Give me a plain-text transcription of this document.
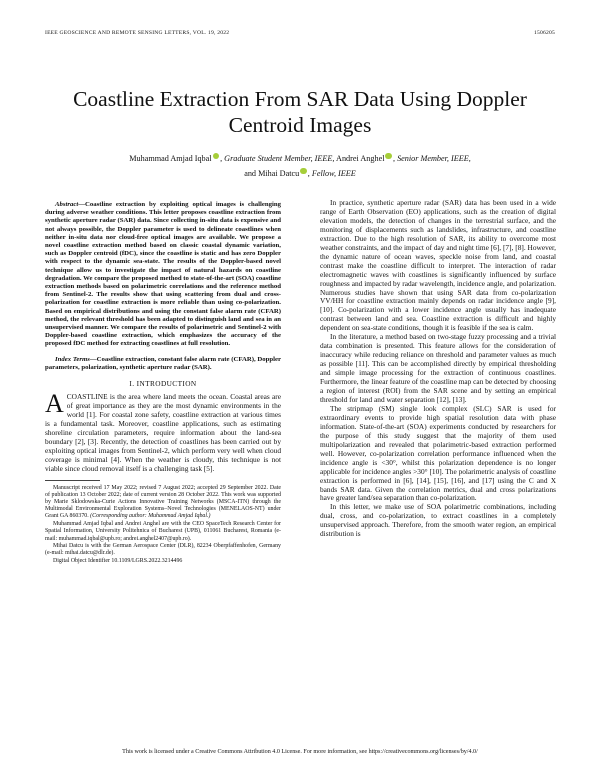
IEEE GEOSCIENCE AND REMOTE SENSING LETTERS, VOL. 19, 2022	1506205
Coastline Extraction From SAR Data Using Doppler Centroid Images
Muhammad Amjad Iqbal , Graduate Student Member, IEEE, Andrei Anghel , Senior Member, IEEE,
and Mihai Datcu , Fellow, IEEE

Abstract—Coastline extraction by exploiting optical images is challenging during adverse weather conditions. This letter proposes coastline extraction from synthetic aperture radar (SAR) data. Since collecting in-situ data is expensive and not always possible, the Doppler parameter is used to delineate coastlines when neither in-situ data nor cloud-free optical images are available. We propose a novel coastline extraction method based on classic coastal dynamic variation, such as Doppler centroid (fDC), since the coastline is static and has zero Doppler with respect to the dynamic sea-state. The results of the Doppler-based novel technique allow us to investigate the impact of natural hazards on coastline degradation. We compare the proposed method to state-of-the-art (SOA) coastline extraction methods based on polarimetric correlations and the reference method from Sentinel-2. The results show that using scattering from dual and cross-polarization for coastline extraction is more reliable than using co-polarization. Based on empirical distributions and using the constant false alarm rate (CFAR) method, the relevant threshold has been adapted to distinguish land and sea in an unsupervised manner. We compare the results of polarimetric and Sentinel-2 with Doppler-based coastline extraction, which emphasizes the accuracy of the proposed fDC method for extracting coastlines at full resolution.

Index Terms—Coastline extraction, constant false alarm rate (CFAR), Doppler parameters, polarization, synthetic aperture radar (SAR).

I. INTRODUCTION

ACOASTLINE is the area where land meets the ocean. Coastal areas are of great importance as they are the most dynamic environments in the world [1]. For coastal zone safety, coastline extraction at various times is a fundamental task. Moreover, coastline applications, such as estimating shoreline circulation parameters, require information about the land-sea boundary [2], [3]. Recently, the detection of coastlines has been carried out by exploiting optical images from Sentinel-2, which perform very well when cloud coverage is minimal [4]. When the weather is cloudy, this technique is not viable since cloud removal itself is a challenging task [5].

Manuscript received 17 May 2022; revised 7 August 2022; accepted 29 September 2022. Date of publication 13 October 2022; date of current version 28 October 2022. This work was supported by Marie Sklodowska-Curie Actions Innovative Training Networks (MSCA-ITN) through the Multimodal Environmental Exploration Systems–Novel Technologies (MENELAOS-NT) under Grant GA 860370. (Corresponding author: Muhammad Amjad Iqbal.)

Muhammad Amjad Iqbal and Andrei Anghel are with the CEO SpaceTech Research Center for Spatial Information, University Politehnica of Bucharest (UPB), 011061 Bucharest, Romania (e-mail: muhammad.iqbal@upb.ro; andrei.anghel2407@upb.ro).

Mihai Datcu is with the German Aerospace Center (DLR), 82234 Oberpfaffenhofen, Germany (e-mail: mihai.datcu@dlr.de).

Digital Object Identifier 10.1109/LGRS.2022.3214496

In practice, synthetic aperture radar (SAR) data has been used in a wide range of Earth Observation (EO) applications, such as the creation of digital elevation models, the detection of changes in the terrestrial surface, and the monitoring of displacements such as landslides, infrastructure, and coastline extraction. Due to the high resolution of SAR, its ability to overcome most weather constraints, and the impact of day and night time [6], [7], [8]. However, the dynamic nature of ocean waves, speckle noise from land, and coastal contrast make the coastline difficult to interpret. The interaction of radar electromagnetic waves with coastlines is significantly influenced by surface roughness and impacted by radar wavelength, incidence angle, and polarization. Numerous studies have shown that using SAR data from co-polarization VV/HH for coastline extraction mainly depends on radar incidence angle [9], [10]. Co-polarization with a lower incidence angle usually has inadequate contrast between land and sea. Coastline extraction is difficult and highly dependent on sea-state conditions, though it is feasible if the sea is calm.

In the literature, a method based on two-stage fuzzy processing and a trivial data combination is presented. This feature allows for the consideration of inaccuracy while reducing reliance on threshold and parameter values as much as possible [11]. This can be accomplished directly by empirical thresholding and simple image processing for the extraction of continuous coastlines. Furthermore, the linear feature of the coastline map can be detected by choosing a region of interest (ROI) from the SAR scene and by setting an empirical threshold for land and water separation [12], [13].

The stripmap (SM) single look complex (SLC) SAR is used for extraordinary events to provide high spatial resolution data with phase information. State-of-the-art (SOA) experiments conducted by researchers for the purpose of this study suggest that the majority of them used multipolarization and revealed that polarimetric-based extraction performed well. However, co-polarization correlation performance influenced when the incidence angle is <30°, whilst this polarization dependence is no longer applicable for incidence angles >30° [10]. The polarimetric analysis of coastline extraction is performed in [6], [14], [15], [16], and [17] using the C and X bands SAR data. Given the correlation metrics, dual and cross polarizations have greater land/sea separation than co-polarization.

In this letter, we make use of SOA polarimetric combinations, including dual, cross, and co-polarization, to extract coastlines in a completely unsupervised approach. Therefore, from the smooth water region, an empirical distribution is

This work is licensed under a Creative Commons Attribution 4.0 License. For more information, see https://creativecommons.org/licenses/by/4.0/
